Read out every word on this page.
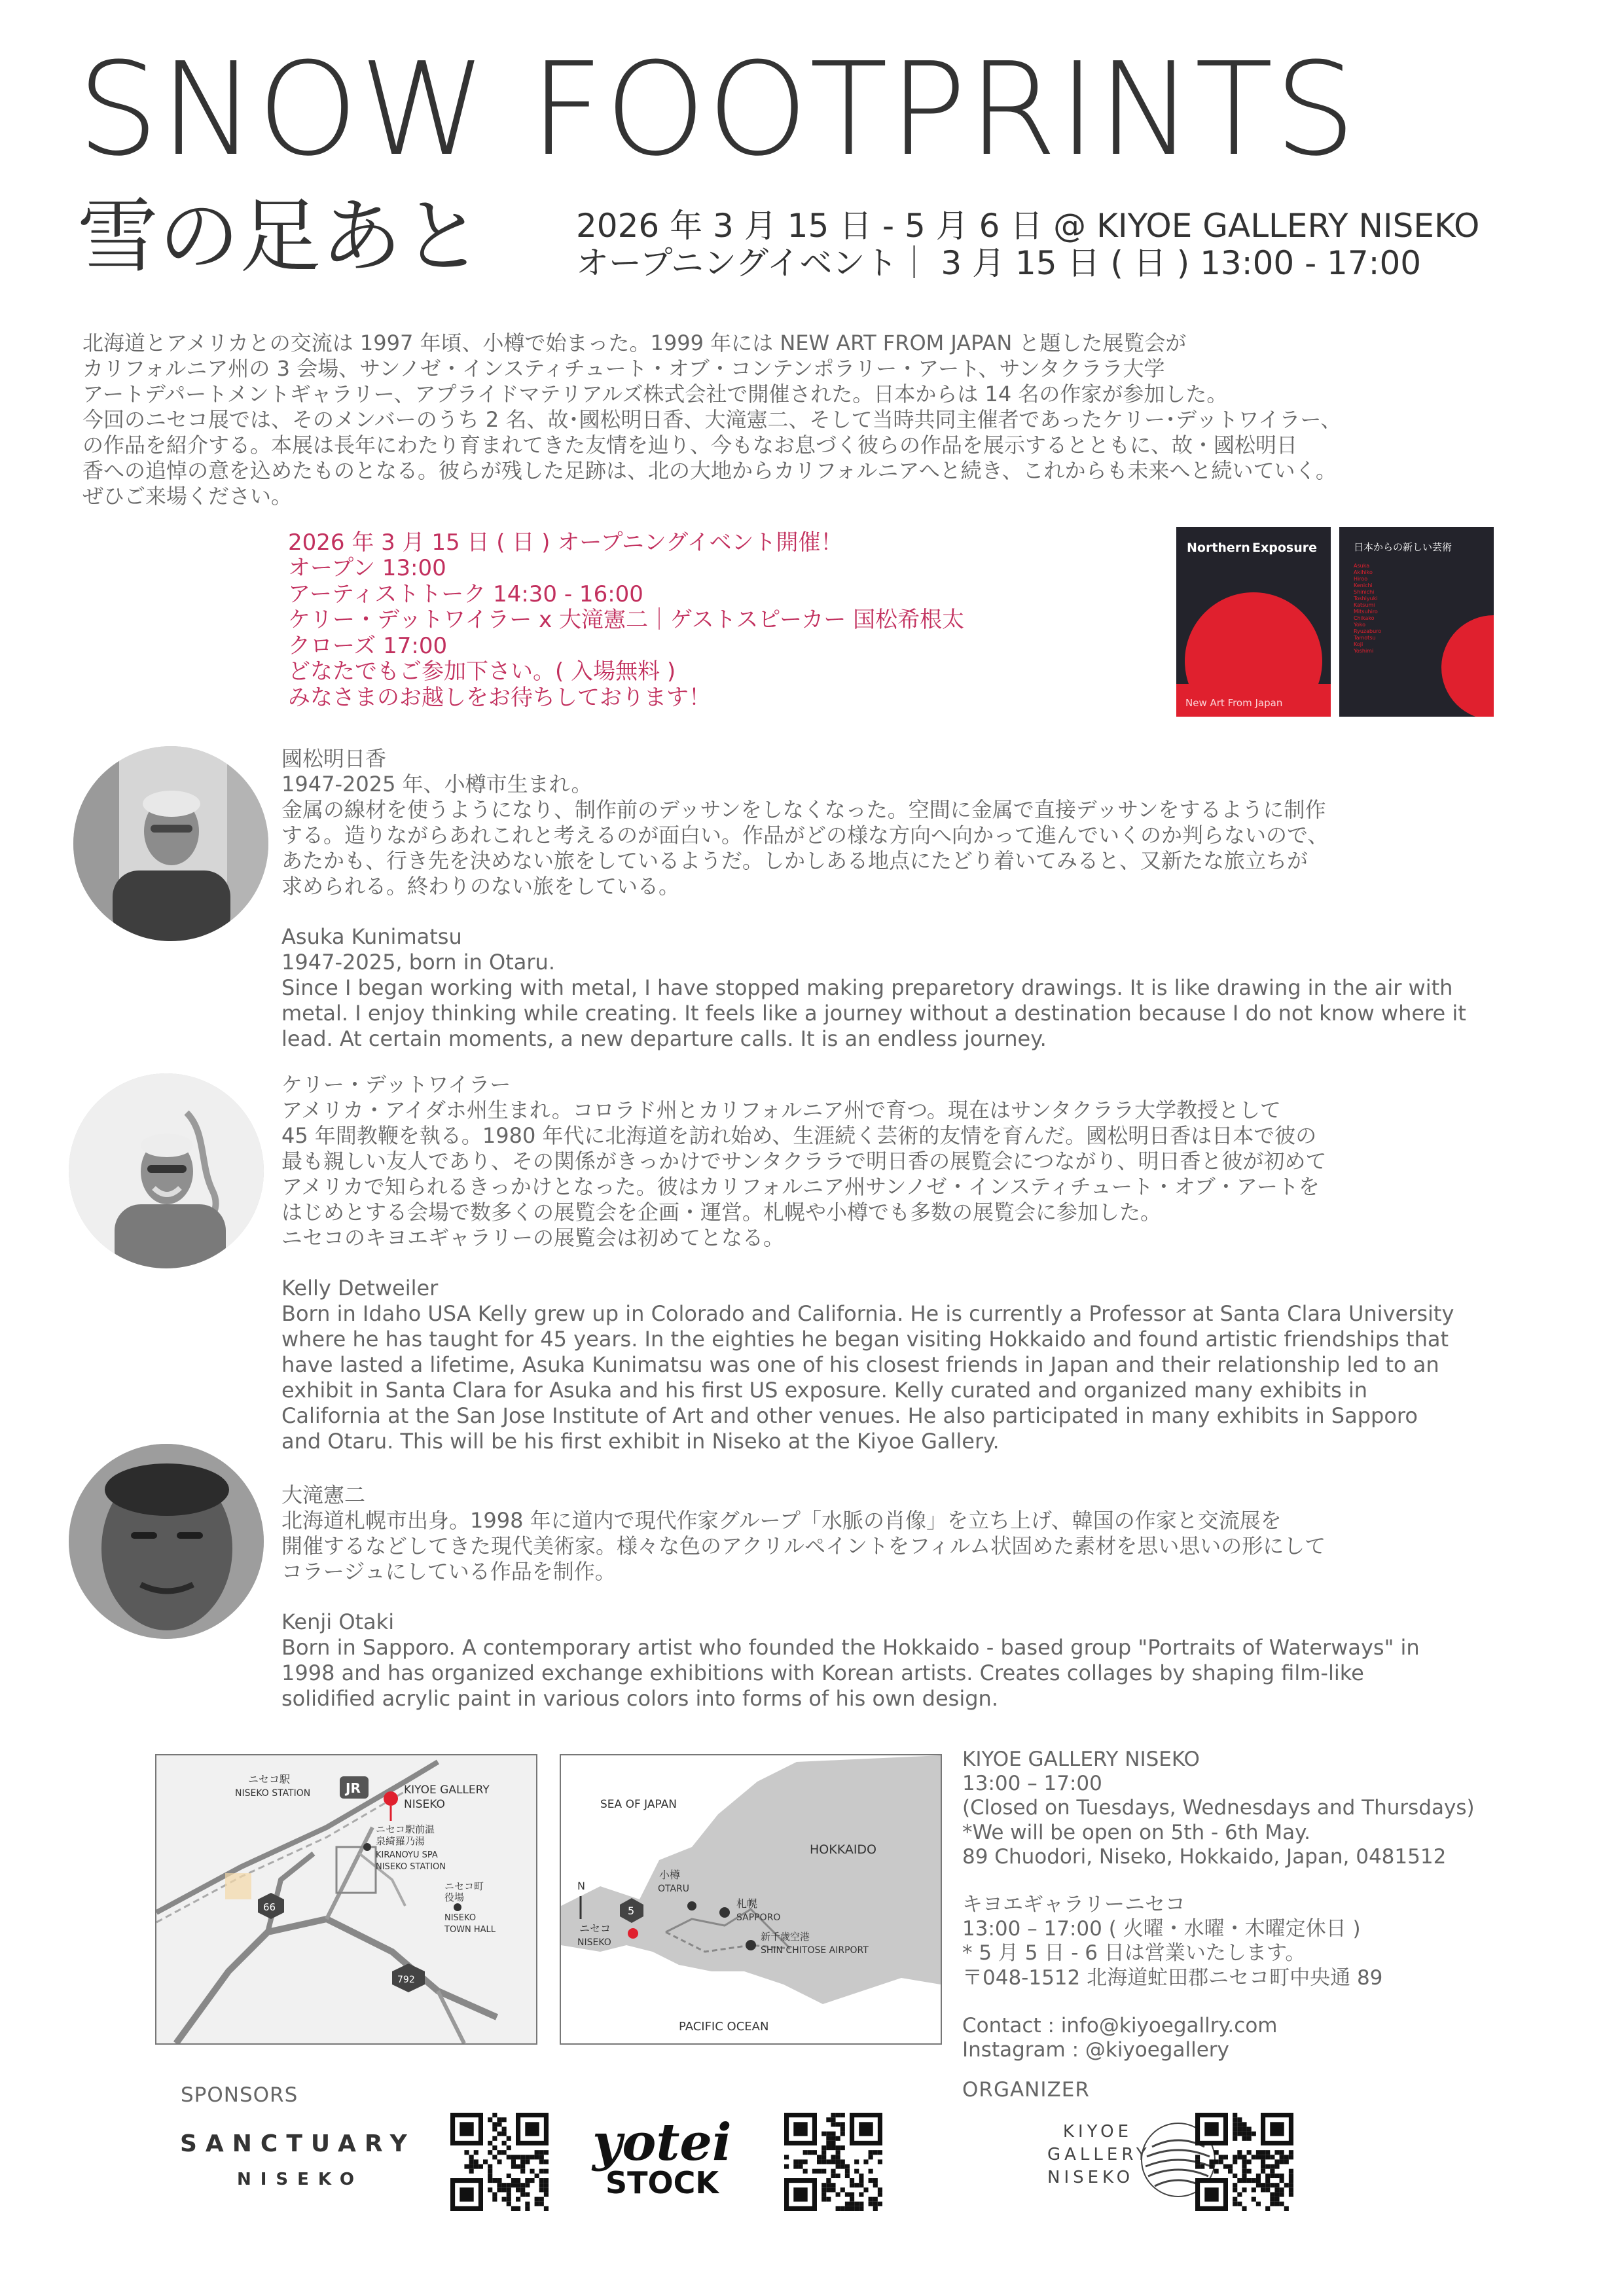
SNOW FOOTPRINTS
雪の足あと	2026 年 3 月 15 日 - 5 月 6 日 @ KIYOE GALLERY NISEKO
オープニングイベント｜ 3 月 15 日 ( 日 ) 13:00 - 17:00

北海道とアメリカとの交流は 1997 年頃、小樽で始まった。1999 年には NEW ART FROM JAPAN と題した展覧会が

カリフォルニア州の 3 会場、サンノゼ・インスティチュート・オブ・コンテンポラリー・アート、サンタクララ大学

アートデパートメントギャラリー、アプライドマテリアルズ株式会社で開催された。日本からは 14 名の作家が参加した。

今回のニセコ展では、そのメンバーのうち 2 名、故･國松明日香、大滝憲二、そして当時共同主催者であったケリー･デットワイラー、

の作品を紹介する。本展は長年にわたり育まれてきた友情を辿り、今もなお息づく彼らの作品を展示するとともに、故・國松明日

香への追悼の意を込めたものとなる。彼らが残した足跡は、北の大地からカリフォルニアへと続き、これからも未来へと続いていく。

ぜひご来場ください。

2026 年 3 月 15 日 ( 日 ) オープニングイベント開催！
オープン 13:00
アーティストトーク 14:30 - 16:00
ケリー・デットワイラー x 大滝憲二｜ゲストスピーカー 国松希根太
クローズ 17:00
どなたでもご参加下さい。( 入場無料 )
みなさまのお越しをお待ちしております！
Northern Exposure
New Art From Japan
日本からの新しい芸術
Asuka
Akihiko
Hiroo
Kenichi
Shinichi
Toshiyuki
Katsumi
Mitsuhiro
Chikako
Yoko
Ryuzaburo
Tamotsu
Koji
Yoshimi
國松明日香
1947-2025 年、小樽市生まれ。
金属の線材を使うようになり、制作前のデッサンをしなくなった。空間に金属で直接デッサンをするように制作
する。造りながらあれこれと考えるのが面白い。作品がどの様な方向へ向かって進んでいくのか判らないので、
あたかも、行き先を決めない旅をしているようだ。しかしある地点にたどり着いてみると、又新たな旅立ちが
求められる。終わりのない旅をしている。
Asuka Kunimatsu
1947-2025, born in Otaru.
Since I began working with metal, I have stopped making preparetory drawings. It is like drawing in the air with
metal. I enjoy thinking while creating. It feels like a journey without a destination because I do not know where it
lead. At certain moments, a new departure calls. It is an endless journey.
ケリー・デットワイラー
アメリカ・アイダホ州生まれ。コロラド州とカリフォルニア州で育つ。現在はサンタクララ大学教授として
45 年間教鞭を執る。1980 年代に北海道を訪れ始め、生涯続く芸術的友情を育んだ。國松明日香は日本で彼の
最も親しい友人であり、その関係がきっかけでサンタクララで明日香の展覧会につながり、明日香と彼が初めて
アメリカで知られるきっかけとなった。彼はカリフォルニア州サンノゼ・インスティチュート・オブ・アートを
はじめとする会場で数多くの展覧会を企画・運営。札幌や小樽でも多数の展覧会に参加した。
ニセコのキヨエギャラリーの展覧会は初めてとなる。
Kelly Detweiler
Born in Idaho USA Kelly grew up in Colorado and California. He is currently a Professor at Santa Clara University
where he has taught for 45 years. In the eighties he began visiting Hokkaido and found artistic friendships that
have lasted a lifetime, Asuka Kunimatsu was one of his closest friends in Japan and their relationship led to an
exhibit in Santa Clara for Asuka and his first US exposure. Kelly curated and organized many exhibits in
California at the San Jose Institute of Art and other venues. He also participated in many exhibits in Sapporo
and Otaru. This will be his first exhibit in Niseko at the Kiyoe Gallery.
大滝憲二
北海道札幌市出身。1998 年に道内で現代作家グループ「水脈の肖像」を立ち上げ、韓国の作家と交流展を
開催するなどしてきた現代美術家。様々な色のアクリルペイントをフィルム状固めた素材を思い思いの形にして
コラージュにしている作品を制作。
Kenji Otaki
Born in Sapporo. A contemporary artist who founded the Hokkaido - based group "Portraits of Waterways" in
1998 and has organized exchange exhibitions with Korean artists. Creates collages by shaping film-like
solidified acrylic paint in various colors into forms of his own design.
JR
ニセコ駅
NISEKO STATION	KIYOE GALLERY
NISEKO
ニセコ駅前温
泉綺羅乃湯
KIRANOYU SPA
NISEKO STATION
ニセコ町
役場
NISEKO
TOWN HALL
66
792
SEA OF JAPAN
HOKKAIDO
PACIFIC OCEAN
小樽
OTARU
札幌
SAPPORO
新千歳空港
SHIN CHITOSE AIRPORT
ニセコ
NISEKO
5
N
KIYOE GALLERY NISEKO
13:00 – 17:00
(Closed on Tuesdays, Wednesdays and Thursdays)
*We will be open on 5th - 6th May.
89 Chuodori, Niseko, Hokkaido, Japan, 0481512
キヨエギャラリーニセコ
13:00 – 17:00 ( 火曜・水曜・木曜定休日 )
* 5 月 5 日 - 6 日は営業いたします。
〒048-1512 北海道虻田郡ニセコ町中央通 89
Contact : info@kiyoegallry.com
Instagram : @kiyoegallery
SPONSORS	ORGANIZER
SANCTUARY
NISEKO
yotei
STOCK
KIYOE
GALLERY
NISEKO
